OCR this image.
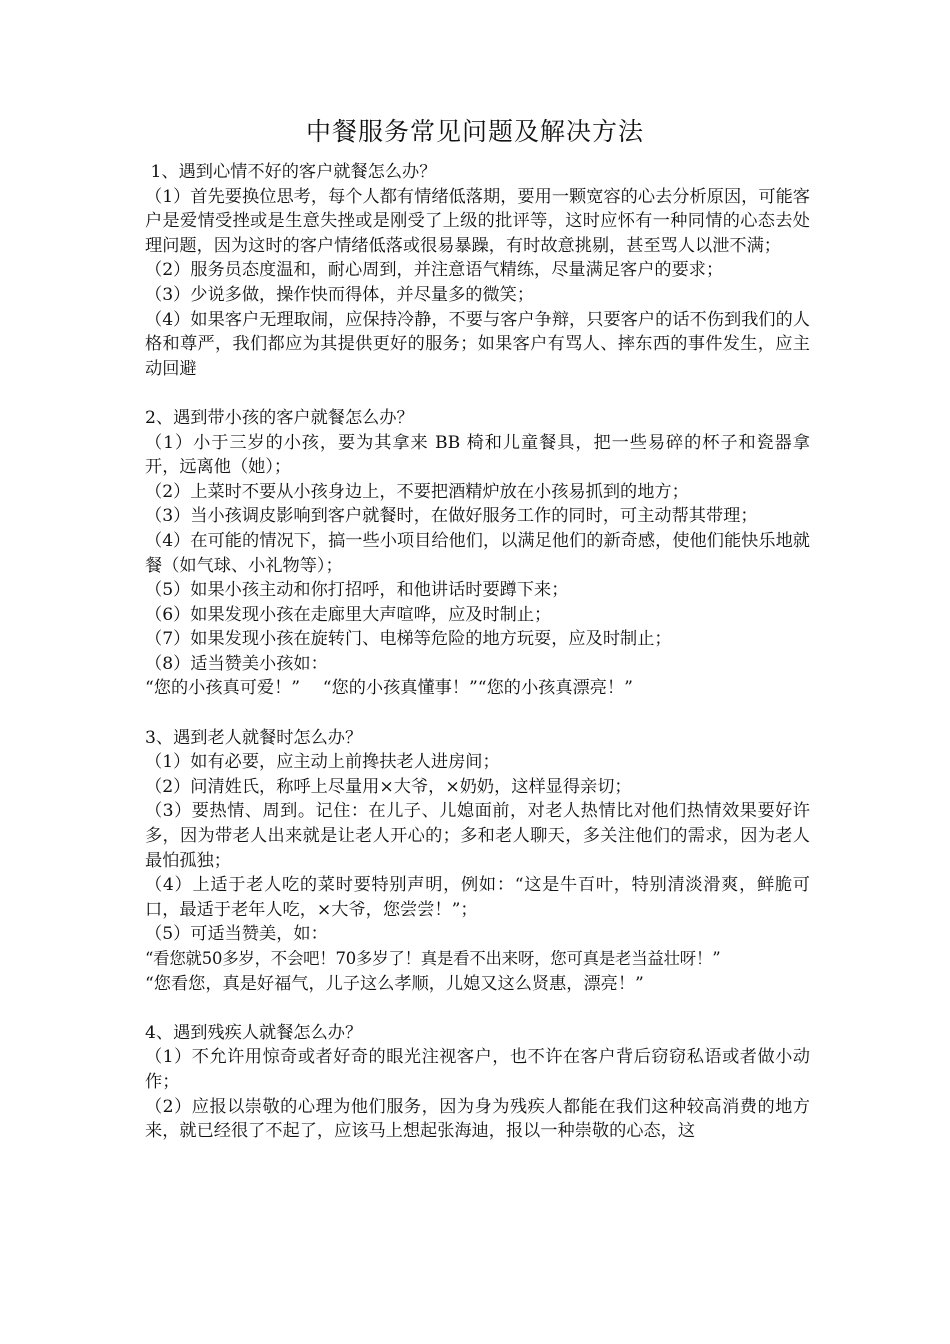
中餐服务常见问题及解决方法

1、遇到心情不好的客户就餐怎么办？

（1）首先要换位思考，每个人都有情绪低落期，要用一颗宽容的心去分析原因，可能客户是爱情受挫或是生意失挫或是刚受了上级的批评等，这时应怀有一种同情的心态去处理问题，因为这时的客户情绪低落或很易暴躁，有时故意挑剔，甚至骂人以泄不满；

（2）服务员态度温和，耐心周到，并注意语气精练，尽量满足客户的要求；

（3）少说多做，操作快而得体，并尽量多的微笑；

（4）如果客户无理取闹，应保持冷静，不要与客户争辩，只要客户的话不伤到我们的人格和尊严，我们都应为其提供更好的服务；如果客户有骂人、摔东西的事件发生，应主动回避

2、遇到带小孩的客户就餐怎么办？

（1）小于三岁的小孩，要为其拿来 BB 椅和儿童餐具，把一些易碎的杯子和瓷器拿开，远离他（她）；

（2）上菜时不要从小孩身边上，不要把酒精炉放在小孩易抓到的地方；

（3）当小孩调皮影响到客户就餐时，在做好服务工作的同时，可主动帮其带理；

（4）在可能的情况下，搞一些小项目给他们，以满足他们的新奇感，使他们能快乐地就餐（如气球、小礼物等）；

（5）如果小孩主动和你打招呼，和他讲话时要蹲下来；

（6）如果发现小孩在走廊里大声喧哗，应及时制止；

（7）如果发现小孩在旋转门、电梯等危险的地方玩耍，应及时制止；

（8）适当赞美小孩如：

“您的小孩真可爱！”　 “您的小孩真懂事！”“您的小孩真漂亮！”

3、遇到老人就餐时怎么办？

（1）如有必要，应主动上前搀扶老人进房间；

（2）问清姓氏，称呼上尽量用×大爷，×奶奶，这样显得亲切；

（3）要热情、周到。记住：在儿子、儿媳面前，对老人热情比对他们热情效果要好许多，因为带老人出来就是让老人开心的；多和老人聊天，多关注他们的需求，因为老人最怕孤独；

（4）上适于老人吃的菜时要特别声明，例如：“这是牛百叶，特别清淡滑爽，鲜脆可口，最适于老年人吃，×大爷，您尝尝！”；

（5）可适当赞美，如：

“看您就50多岁，不会吧！70多岁了！真是看不出来呀，您可真是老当益壮呀！”

“您看您，真是好福气，儿子这么孝顺，儿媳又这么贤惠，漂亮！”

4、遇到残疾人就餐怎么办？

（1）不允许用惊奇或者好奇的眼光注视客户，也不许在客户背后窃窃私语或者做小动作；

（2）应报以崇敬的心理为他们服务，因为身为残疾人都能在我们这种较高消费的地方来，就已经很了不起了，应该马上想起张海迪，报以一种崇敬的心态，这
